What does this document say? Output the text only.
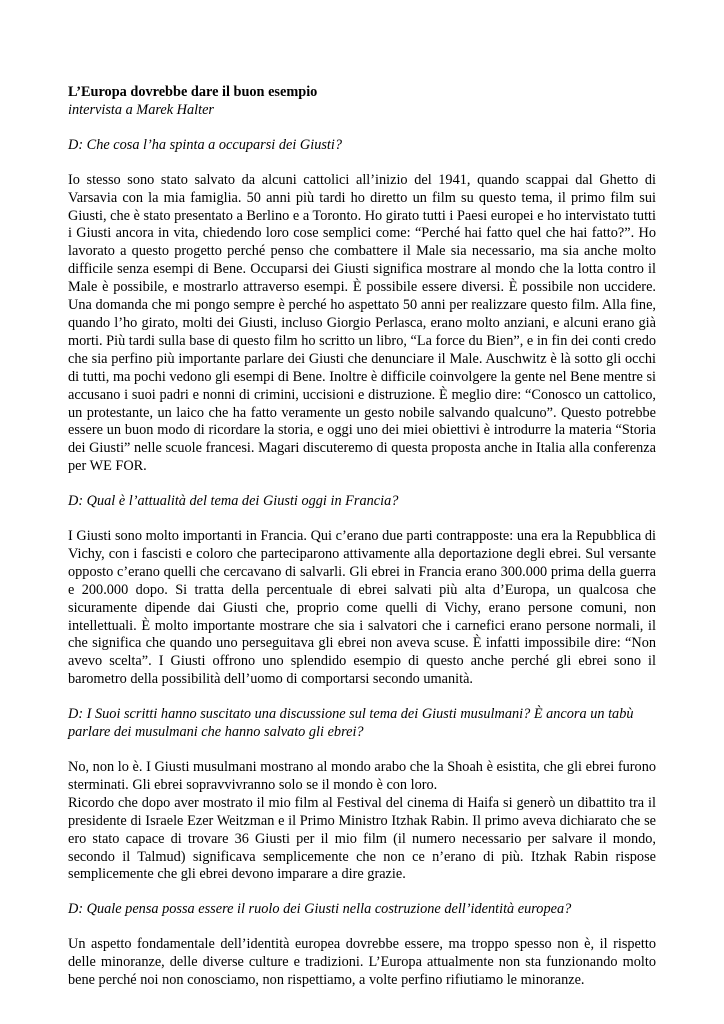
L’Europa dovrebbe dare il buon esempio
intervista a Marek Halter
D: Che cosa l’ha spinta a occuparsi dei Giusti?

Io stesso sono stato salvato da alcuni cattolici all’inizio del 1941, quando scappai dal Ghetto di Varsavia con la mia famiglia. 50 anni più tardi ho diretto un film su questo tema, il primo film sui Giusti, che è stato presentato a Berlino e a Toronto. Ho girato tutti i Paesi europei e ho intervistato tutti i Giusti ancora in vita, chiedendo loro cose semplici come: “Perché hai fatto quel che hai fatto?”. Ho lavorato a questo progetto perché penso che combattere il Male sia necessario, ma sia anche molto difficile senza esempi di Bene. Occuparsi dei Giusti significa mostrare al mondo che la lotta contro il Male è possibile, e mostrarlo attraverso esempi. È possibile essere diversi. È possibile non uccidere. Una domanda che mi pongo sempre è perché ho aspettato 50 anni per realizzare questo film. Alla fine, quando l’ho girato, molti dei Giusti, incluso Giorgio Perlasca, erano molto anziani, e alcuni erano già morti. Più tardi sulla base di questo film ho scritto un libro, “La force du Bien”, e in fin dei conti credo che sia perfino più importante parlare dei Giusti che denunciare il Male. Auschwitz è là sotto gli occhi di tutti, ma pochi vedono gli esempi di Bene. Inoltre è difficile coinvolgere la gente nel Bene mentre si accusano i suoi padri e nonni di crimini, uccisioni e distruzione. È meglio dire: “Conosco un cattolico, un protestante, un laico che ha fatto veramente un gesto nobile salvando qualcuno”. Questo potrebbe essere un buon modo di ricordare la storia, e oggi uno dei miei obiettivi è introdurre la materia “Storia dei Giusti” nelle scuole francesi. Magari discuteremo di questa proposta anche in Italia alla conferenza per WE FOR.

D: Qual è l’attualità del tema dei Giusti oggi in Francia?

I Giusti sono molto importanti in Francia. Qui c’erano due parti contrapposte: una era la Repubblica di Vichy, con i fascisti e coloro che parteciparono attivamente alla deportazione degli ebrei. Sul versante opposto c’erano quelli che cercavano di salvarli. Gli ebrei in Francia erano 300.000 prima della guerra e 200.000 dopo. Si tratta della percentuale di ebrei salvati più alta d’Europa, un qualcosa che sicuramente dipende dai Giusti che, proprio come quelli di Vichy, erano persone comuni, non intellettuali. È molto importante mostrare che sia i salvatori che i carnefici erano persone normali, il che significa che quando uno perseguitava gli ebrei non aveva scuse. È infatti impossibile dire: “Non avevo scelta”. I Giusti offrono uno splendido esempio di questo anche perché gli ebrei sono il barometro della possibilità dell’uomo di comportarsi secondo umanità.

D: I Suoi scritti hanno suscitato una discussione sul tema dei Giusti musulmani? È ancora un tabù parlare dei musulmani che hanno salvato gli ebrei?

No, non lo è. I Giusti musulmani mostrano al mondo arabo che la Shoah è esistita, che gli ebrei furono sterminati. Gli ebrei sopravvivranno solo se il mondo è con loro.

Ricordo che dopo aver mostrato il mio film al Festival del cinema di Haifa si generò un dibattito tra il presidente di Israele Ezer Weitzman e il Primo Ministro Itzhak Rabin. Il primo aveva dichiarato che se ero stato capace di trovare 36 Giusti per il mio film (il numero necessario per salvare il mondo, secondo il Talmud) significava semplicemente che non ce n’erano di più. Itzhak Rabin rispose semplicemente che gli ebrei devono imparare a dire grazie.

D: Quale pensa possa essere il ruolo dei Giusti nella costruzione dell’identità europea?

Un aspetto fondamentale dell’identità europea dovrebbe essere, ma troppo spesso non è, il rispetto delle minoranze, delle diverse culture e tradizioni. L’Europa attualmente non sta funzionando molto bene perché noi non conosciamo, non rispettiamo, a volte perfino rifiutiamo le minoranze.
